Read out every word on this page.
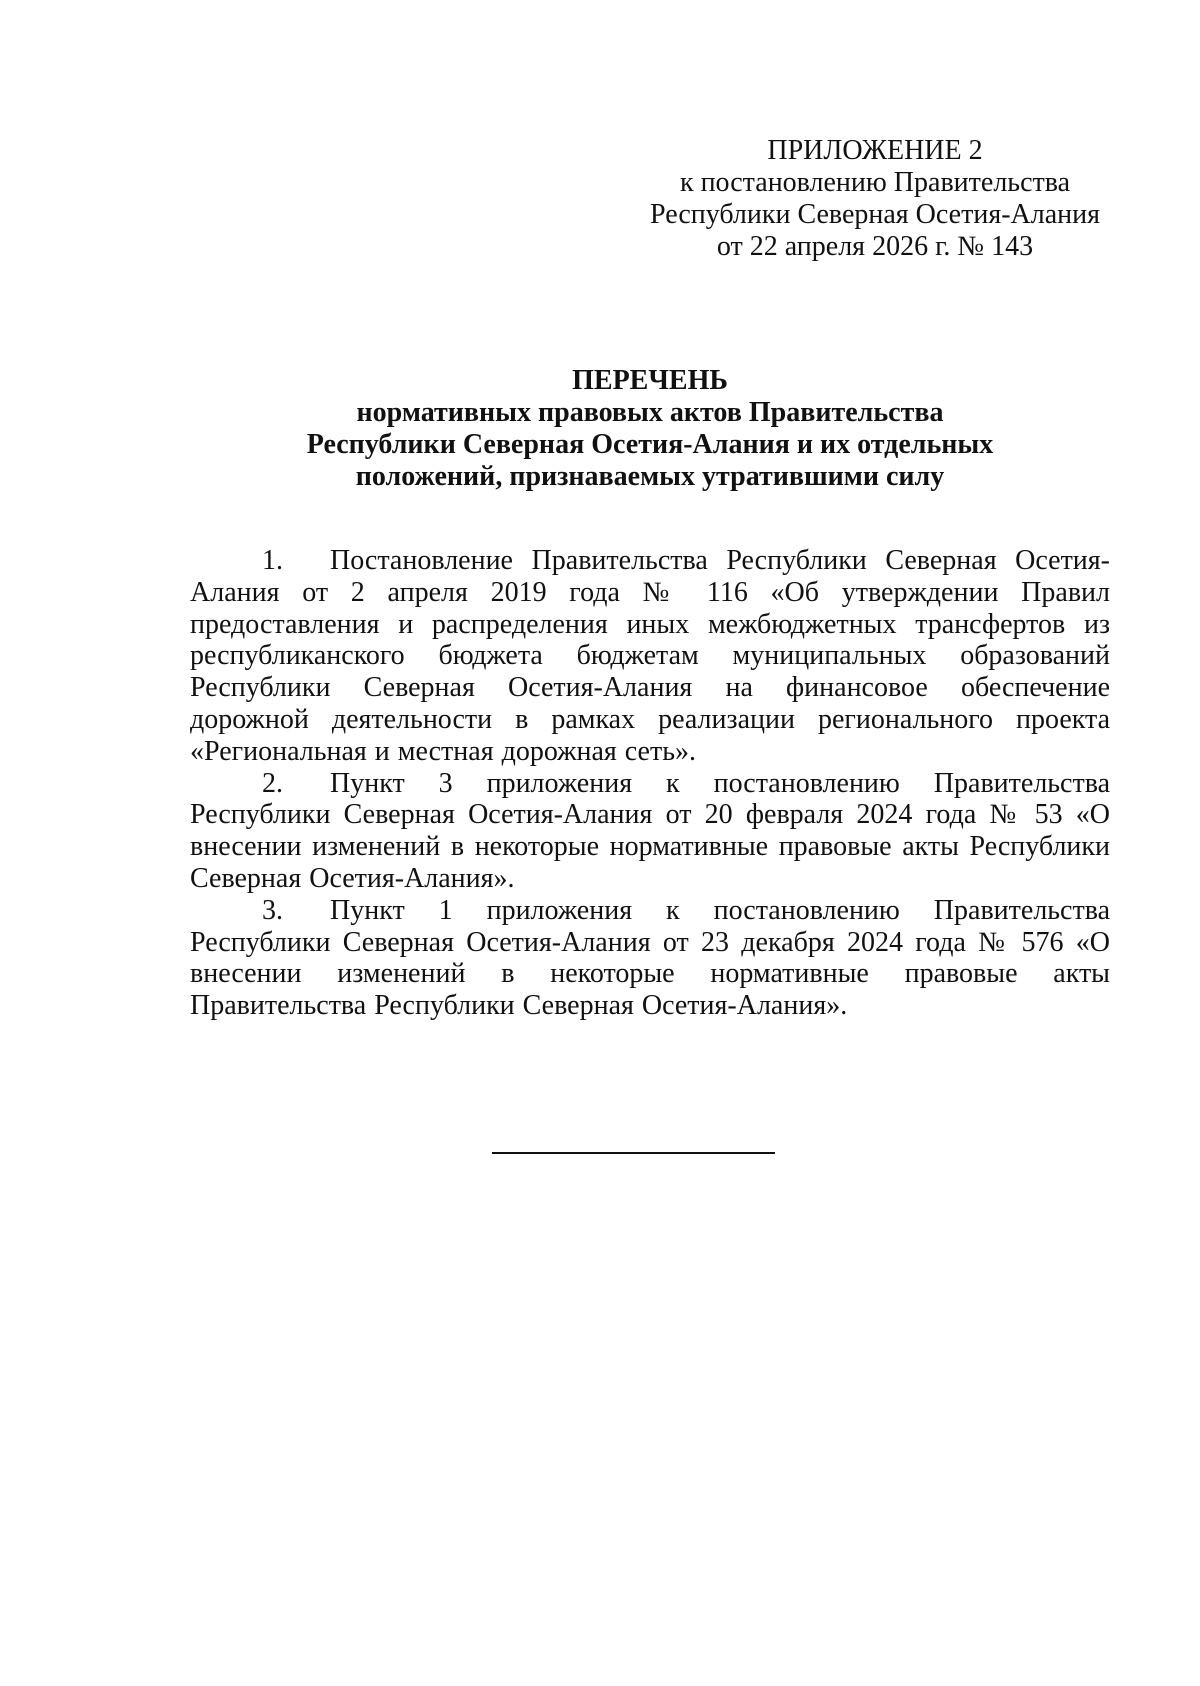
ПРИЛОЖЕНИЕ 2
к постановлению Правительства
Республики Северная Осетия-Алания
от 22 апреля 2026 г. № 143
ПЕРЕЧЕНЬ
нормативных правовых актов Правительства
Республики Северная Осетия-Алания и их отдельных
положений, признаваемых утратившими силу

1. Постановление Правительства Республики Северная Осетия-Алания от 2 апреля 2019 года № 116 «Об утверждении Правил предоставления и распределения иных межбюджетных трансфертов из республиканского бюджета бюджетам муниципальных образований Республики Северная Осетия-Алания на финансовое обеспечение дорожной деятельности в рамках реализации регионального проекта «Региональная и местная дорожная сеть».

2. Пункт 3 приложения к постановлению Правительства Республики Северная Осетия-Алания от 20 февраля 2024 года № 53 «О внесении изменений в некоторые нормативные правовые акты Республики Северная Осетия-Алания».

3. Пункт 1 приложения к постановлению Правительства Республики Северная Осетия-Алания от 23 декабря 2024 года № 576 «О внесении изменений в некоторые нормативные правовые акты Правительства Республики Северная Осетия-Алания».
